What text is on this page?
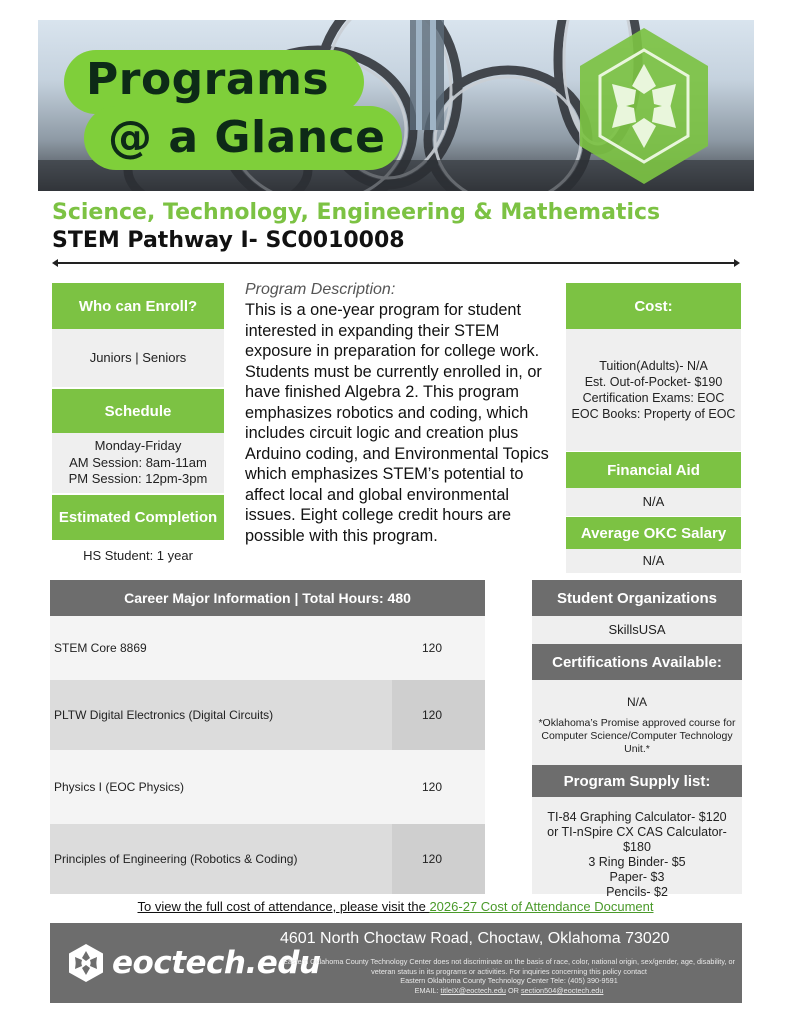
Programs
@ a Glance
Science, Technology, Engineering & Mathematics
STEM Pathway I- SC0010008
Who can Enroll?
Juniors | Seniors
Schedule
Monday-Friday
AM Session: 8am-11am
PM Session: 12pm-3pm
Estimated Completion
HS Student: 1 year
Program Description:
This is a one-year program for student interested in expanding their STEM exposure in preparation for college work. Students must be currently enrolled in, or have finished Algebra 2. This program emphasizes robotics and coding, which includes circuit logic and creation plus Arduino coding, and Environmental Topics which emphasizes STEM’s potential to affect local and global environmental issues. Eight college credit hours are possible with this program.
Cost:
Tuition(Adults)- N/A
Est. Out-of-Pocket- $190
Certification Exams: EOC
EOC Books: Property of EOC
Financial Aid
N/A
Average OKC Salary
N/A
Career Major Information | Total Hours: 480
STEM Core 8869	120
PLTW Digital Electronics (Digital Circuits)	120
Physics I (EOC Physics)	120
Principles of Engineering (Robotics & Coding)	120
Student Organizations
SkillsUSA
Certifications Available:
N/A
*Oklahoma’s Promise approved course for Computer Science/Computer Technology Unit.*
Program Supply list:
TI-84 Graphing Calculator- $120
or TI-nSpire CX CAS Calculator- $180
3 Ring Binder- $5
Paper- $3
Pencils- $2
To view the full cost of attendance, please visit the 2026-27 Cost of Attendance Document
eoctech.edu
4601 North Choctaw Road, Choctaw, Oklahoma 73020
Eastern Oklahoma County Technology Center does not discriminate on the basis of race, color, national origin, sex/gender, age, disability, or veteran status in its programs or activities. For inquiries concerning this policy contact
Eastern Oklahoma County Technology Center Tele: (405) 390-9591
EMAIL: titleIX@eoctech.edu OR section504@eoctech.edu
